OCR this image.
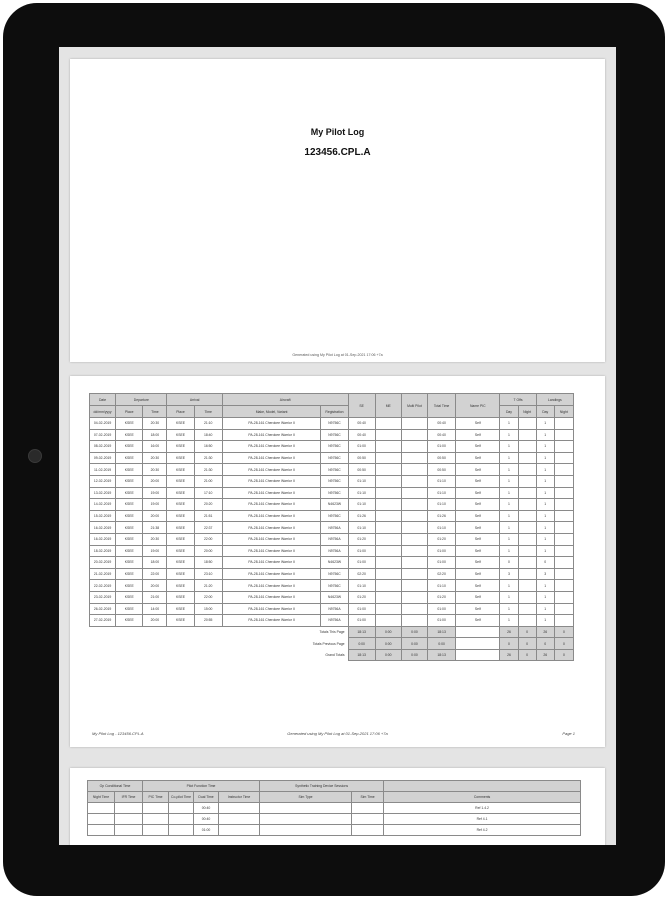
My Pilot Log
123456.CPL.A
Generated using My Pilot Log at 01-Sep-2021 17:06 +7a
Date	Departure		Arrival		Aircraft		SE	ME	Multi Pilot	Total Time	Name PIC	T Offs		Landings	
dd/mm/yyyy	Place	Time	Place	Time	Make, Model, Variant	Registration						Day	Night	Day	Night
04-02-2019	KSEE	20:30	KSEE	21:10	PA-28-161 Cherokee Warrior II	N9756C	00:40			00:40	Self	1		1	
07-02-2019	KSEE	18:00	KSEE	18:40	PA-28-161 Cherokee Warrior II	N9756C	00:40			00:40	Self	1		1	
08-02-2019	KSEE	16:00	KSEE	16:50	PA-28-161 Cherokee Warrior II	N9756C	01:00			01:00	Self	1		1	
09-02-2019	KSEE	20:30	KSEE	21:30	PA-28-161 Cherokee Warrior II	N9756C	00:50			00:50	Self	1		1	
11-02-2019	KSEE	20:30	KSEE	21:30	PA-28-161 Cherokee Warrior II	N9756C	00:50			00:50	Self	1		1	
12-02-2019	KSEE	20:00	KSEE	21:00	PA-28-161 Cherokee Warrior II	N9756C	01:10			01:10	Self	1		1	
13-02-2019	KSEE	19:00	KSEE	17:10	PA-28-161 Cherokee Warrior II	N9756C	01:10			01:10	Self	1		1	
14-02-2019	KSEE	19:00	KSEE	20:20	PA-28-161 Cherokee Warrior II	N4623W	01:10			01:10	Self	1		1	
15-02-2019	KSEE	20:00	KSEE	21:51	PA-28-161 Cherokee Warrior II	N9756C	01:26			01:26	Self	1		1	
16-02-2019	KSEE	21:38	KSEE	22:37	PA-28-161 Cherokee Warrior II	N9756A	01:10			01:10	Self	1		1	
16-02-2019	KSEE	20:30	KSEE	22:00	PA-28-161 Cherokee Warrior II	N9756A	01:20			01:20	Self	1		1	
18-02-2019	KSEE	19:00	KSEE	20:00	PA-28-161 Cherokee Warrior II	N9756A	01:00			01:00	Self	1		1	
20-02-2019	KSEE	18:00	KSEE	18:50	PA-28-161 Cherokee Warrior II	N4623W	01:00			01:00	Self	0		0	
21-02-2019	KSEE	22:00	KSEE	23:10	PA-28-161 Cherokee Warrior II	N9756C	02:20			02:20	Self	3		3	
22-02-2019	KSEE	20:00	KSEE	21:20	PA-28-161 Cherokee Warrior II	N9756C	01:10			01:10	Self	1		1	
23-02-2019	KSEE	21:00	KSEE	22:00	PA-28-161 Cherokee Warrior II	N4623W	01:20			01:20	Self	1		1	
26-02-2019	KSEE	14:00	KSEE	15:00	PA-28-161 Cherokee Warrior II	N9756A	01:00			01:00	Self	1		1	
27-02-2019	KSEE	20:00	KSEE	20:55	PA-28-161 Cherokee Warrior II	N9756A	01:00			01:00	Self	1		1	
Totals This Page							18:13	0:00	0:00	18:13		26	0	26	0
Totals Previous Page							0:00	0:00	0:00	0:00		0	0	0	0
Grand Totals							18:13	0:00	0:00	18:13		26	0	26	0
My Pilot Log - 123456.CPL.A	Generated using My Pilot Log at 01-Sep-2021 17:06 +7a	Page 1
Op Conditional Time		Pilot Function Time				Synthetic Training Device Sessions		
Night Time	IFR Time	PIC Time	Co-pilot Time	Dual Time	Instructor Time	Sim Type	Sim Time	Comments
				00:40				Ref 1.4.2
				00:40				Ref 4.1
				01:00				Ref 4.2
